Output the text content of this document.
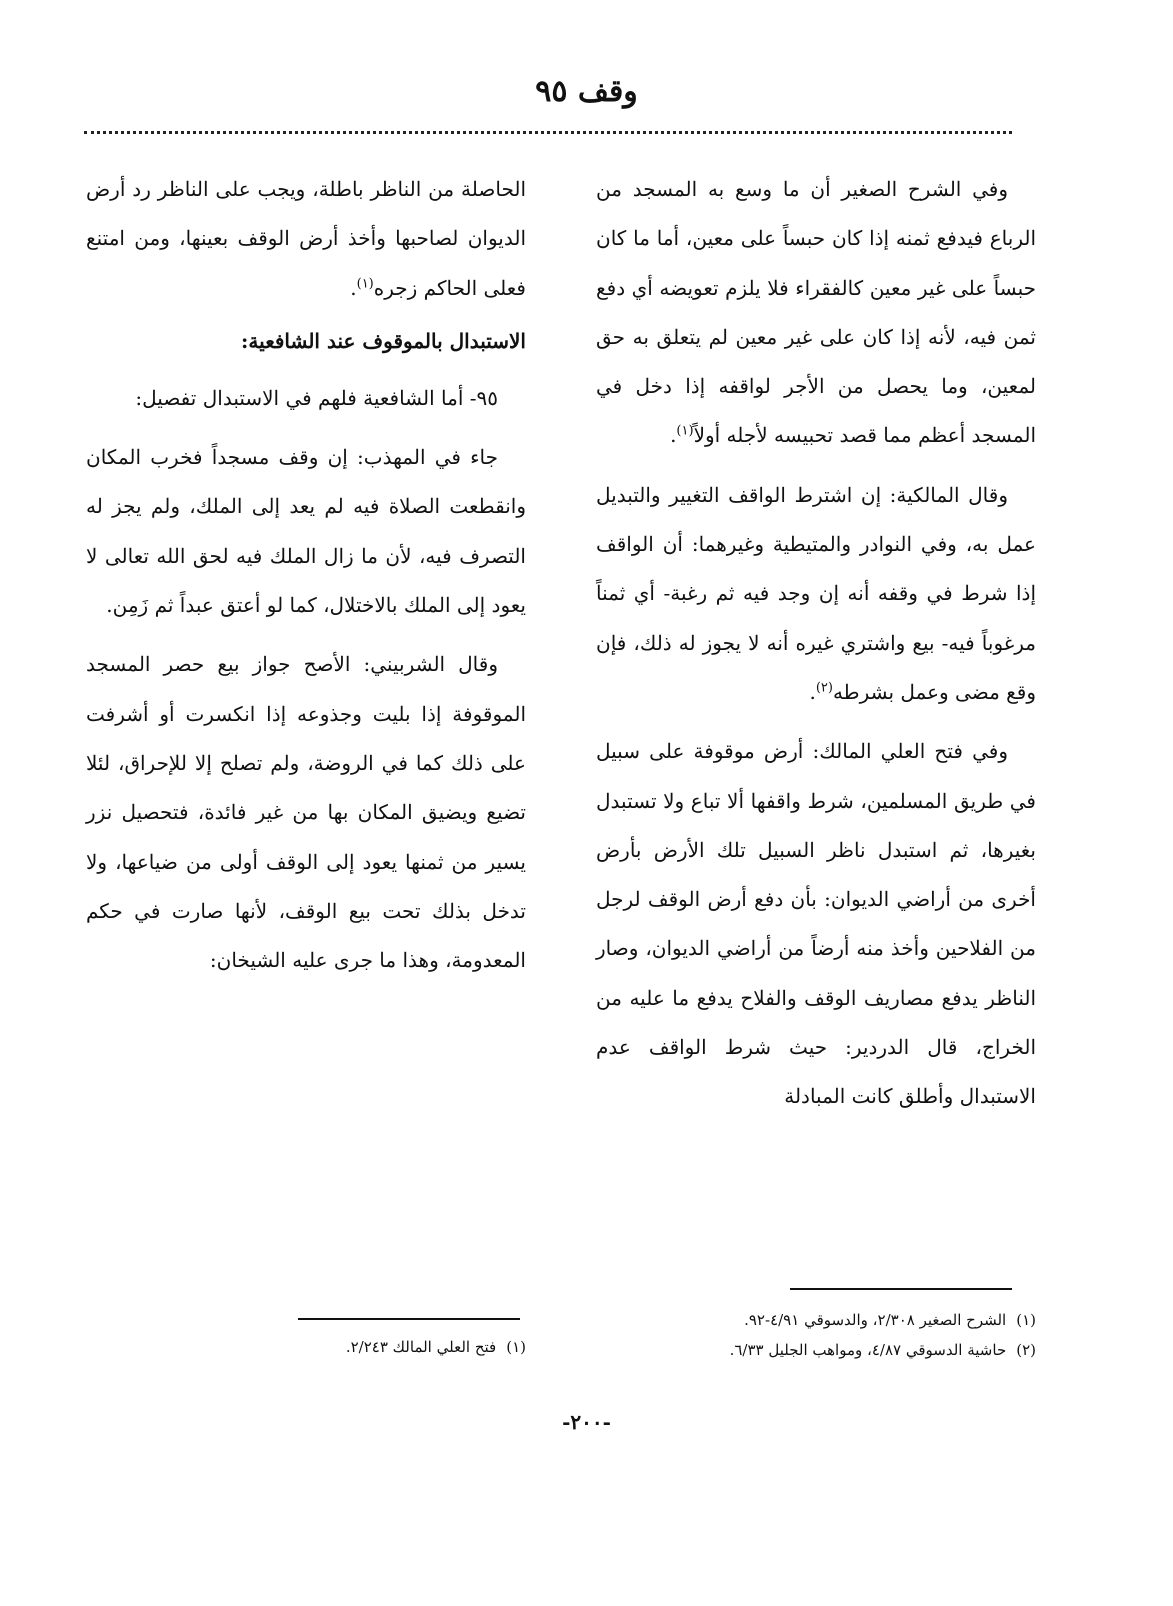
وقف ٩٥

وفي الشرح الصغير أن ما وسع به المسجد من الرباع فيدفع ثمنه إذا كان حبساً على معين، أما ما كان حبساً على غير معين كالفقراء فلا يلزم تعويضه أي دفع ثمن فيه، لأنه إذا كان على غير معين لم يتعلق به حق لمعين، وما يحصل من الأجر لواقفه إذا دخل في المسجد أعظم مما قصد تحبيسه لأجله أولاً$^{(١)}$.

وقال المالكية: إن اشترط الواقف التغيير والتبديل عمل به، وفي النوادر والمتيطية وغيرهما: أن الواقف إذا شرط في وقفه أنه إن وجد فيه ثم رغبة- أي ثمناً مرغوباً فيه- بيع واشتري غيره أنه لا يجوز له ذلك، فإن وقع مضى وعمل بشرطه$^{(٢)}$.

وفي فتح العلي المالك: أرض موقوفة على سبيل في طريق المسلمين، شرط واقفها ألا تباع ولا تستبدل بغيرها، ثم استبدل ناظر السبيل تلك الأرض بأرض أخرى من أراضي الديوان: بأن دفع أرض الوقف لرجل من الفلاحين وأخذ منه أرضاً من أراضي الديوان، وصار الناظر يدفع مصاريف الوقف والفلاح يدفع ما عليه من الخراج، قال الدردير: حيث شرط الواقف عدم الاستبدال وأطلق كانت المبادلة

الحاصلة من الناظر باطلة، ويجب على الناظر رد أرض الديوان لصاحبها وأخذ أرض الوقف بعينها، ومن امتنع فعلى الحاكم زجره$^{(١)}$.

الاستبدال بالموقوف عند الشافعية:

٩٥- أما الشافعية فلهم في الاستبدال تفصيل:

جاء في المهذب: إن وقف مسجداً فخرب المكان وانقطعت الصلاة فيه لم يعد إلى الملك، ولم يجز له التصرف فيه، لأن ما زال الملك فيه لحق الله تعالى لا يعود إلى الملك بالاختلال، كما لو أعتق عبداً ثم زَمِن.

وقال الشربيني: الأصح جواز بيع حصر المسجد الموقوفة إذا بليت وجذوعه إذا انكسرت أو أشرفت على ذلك كما في الروضة، ولم تصلح إلا للإحراق، لئلا تضيع ويضيق المكان بها من غير فائدة، فتحصيل نزر يسير من ثمنها يعود إلى الوقف أولى من ضياعها، ولا تدخل بذلك تحت بيع الوقف، لأنها صارت في حكم المعدومة، وهذا ما جرى عليه الشيخان:

(١)الشرح الصغير ٢/٣٠٨، والدسوقي ٤/٩١-٩٢.
(٢)حاشية الدسوقي ٤/٨٧، ومواهب الجليل ٦/٣٣.
(١)فتح العلي المالك ٢/٢٤٣.
-٢٠٠-
